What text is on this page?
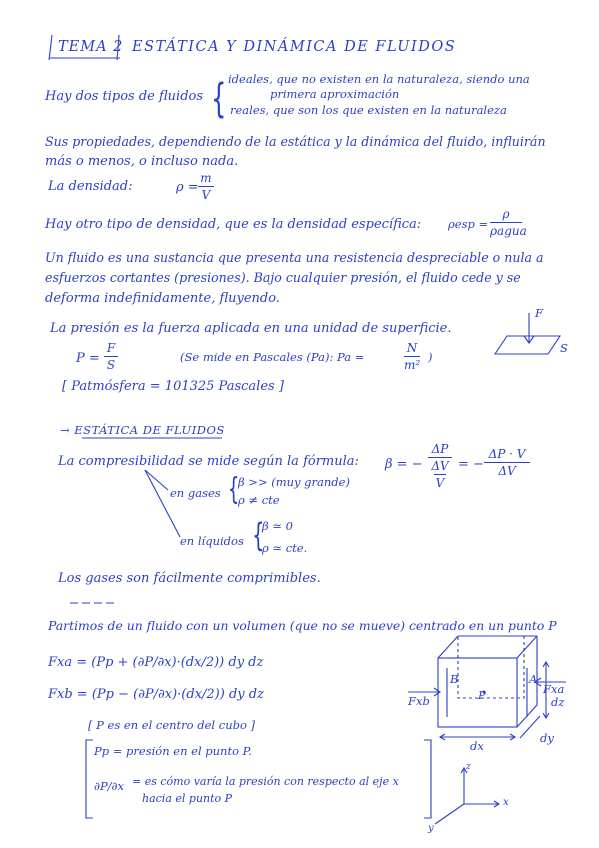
TEMA 2 ESTÁTICA Y DINÁMICA DE FLUIDOS
Hay dos tipos de fluidos { ideales, que no existen en la naturaleza, siendo una
primera aproximación
reales, que son los que existen en la naturaleza
Sus propiedades, dependiendo de la estática y la dinámica del fluido, influirán
más o menos, o incluso nada.
La densidad:	ρ =
m
V
Hay otro tipo de densidad, que es la densidad específica: ρesp =
ρ
ρagua
Un fluido es una sustancia que presenta una resistencia despreciable o nula a
esfuerzos cortantes (presiones). Bajo cualquier presión, el fluido cede y se
deforma indefinidamente, fluyendo.
La presión es la fuerza aplicada en una unidad de superficie.
P =
F
S
(Se mide en Pascales (Pa): Pa =
N
m²
)
[ Patmósfera = 101325 Pascales ]
F
S
→ ESTÁTICA DE FLUIDOS
La compresibilidad se mide según la fórmula: β = −
ΔP
ΔV
V
= −
ΔP · V
ΔV
en gases {
β >> (muy grande)
ρ ≠ cte
en líquidos {
β ≃ 0
ρ ≃ cte.
Los gases son fácilmente comprimibles.
Partimos de un fluido con un volumen (que no se mueve) centrado en un punto P
Fxa = (Pp + (∂P/∂x)·(dx/2)) dy dz
Fxb = (Pp − (∂P/∂x)·(dx/2)) dy dz
[ P es en el centro del cubo ]
Pp = presión en el punto P.
∂P/∂x = es cómo varía la presión con respecto al eje x
hacia el punto P
B	A
P
Fxb
Fxa
dx
dy
dz
z
x
y
